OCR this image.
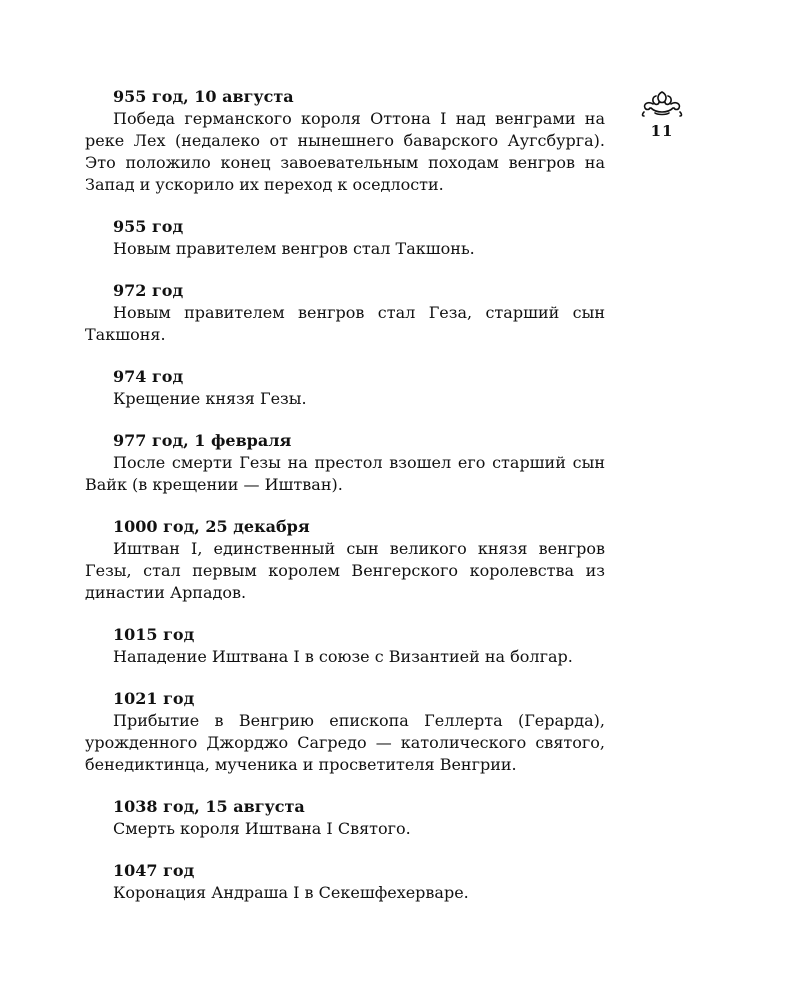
11

955 год, 10 августа

Победа германского короля Оттона I над венграми на реке Лех (недалеко от нынешнего баварского Аугсбурга). Это положило конец завоевательным походам венгров на Запад и ускорило их переход к оседлости.

955 год

Новым правителем венгров стал Такшонь.

972 год

Новым правителем венгров стал Геза, старший сын Такшоня.

974 год

Крещение князя Гезы.

977 год, 1 февраля

После смерти Гезы на престол взошел его старший сын Вайк (в крещении — Иштван).

1000 год, 25 декабря

Иштван I, единственный сын великого князя венгров Гезы, стал первым королем Венгерского королевства из династии Арпадов.

1015 год

Нападение Иштвана I в союзе с Византией на болгар.

1021 год

Прибытие в Венгрию епископа Геллерта (Герарда), урожденного Джорджо Сагредо — католического святого, бенедиктинца, мученика и просветителя Венгрии.

1038 год, 15 августа

Смерть короля Иштвана I Святого.

1047 год

Коронация Андраша I в Секешфехерваре.
